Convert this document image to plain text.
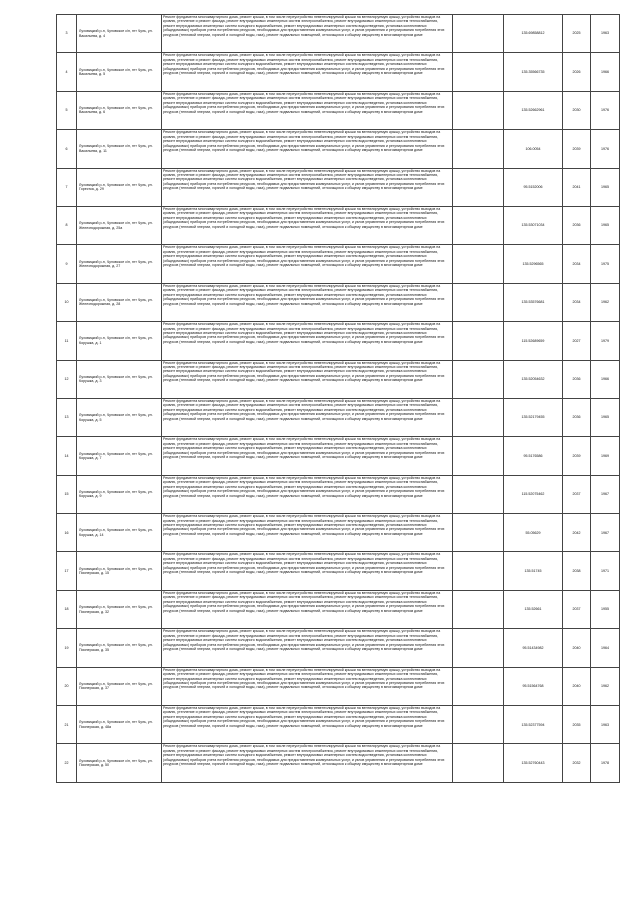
3	Луховицкий р-н, Чуловское с/п, пгт Чуль, ул. Васильева, д. 4	Ремонт фундамента многоквартирного дома, ремонт крыши, в том числе переустройство невентилируемой крыши на вентилируемую крышу, устройство выходов на кровлю, утепление и ремонт фасада, ремонт внутридомовых инженерных систем электроснабжения, ремонт внутридомовых инженерных систем теплоснабжения, ремонт внутридомовых инженерных систем холодного водоснабжения, ремонт внутридомовых инженерных систем водоотведения, установка коллективных (общедомовых) приборов учета потребления ресурсов, необходимых для предоставления коммунальных услуг, и узлов управления и регулирования потребления этих ресурсов (тепловой энергии, горячей и холодной воды, газа), ремонт подвальных помещений, относящихся к общему имуществу в многоквартирном доме		135.69858812	2025	1963
4	Луховицкий р-н, Чуловское с/п, пгт Чуль, ул. Васильева, д. 5	Ремонт фундамента многоквартирного дома, ремонт крыши, в том числе переустройство невентилируемой крыши на вентилируемую крышу, устройство выходов на кровлю, утепление и ремонт фасада, ремонт внутридомовых инженерных систем электроснабжения, ремонт внутридомовых инженерных систем теплоснабжения, ремонт внутридомовых инженерных систем холодного водоснабжения, ремонт внутридомовых инженерных систем водоотведения, установка коллективных (общедомовых) приборов учета потребления ресурсов, необходимых для предоставления коммунальных услуг, и узлов управления и регулирования потребления этих ресурсов (тепловой энергии, горячей и холодной воды, газа), ремонт подвальных помещений, относящихся к общему имуществу в многоквартирном доме		135.35566735	2026	1966
5	Луховицкий р-н, Чуловское с/п, пгт Чуль, ул. Васильева, д. 6	Ремонт фундамента многоквартирного дома, ремонт крыши, в том числе переустройство невентилируемой крыши на вентилируемую крышу, устройство выходов на кровлю, утепление и ремонт фасада, ремонт внутридомовых инженерных систем электроснабжения, ремонт внутридомовых инженерных систем теплоснабжения, ремонт внутридомовых инженерных систем холодного водоснабжения, ремонт внутридомовых инженерных систем водоотведения, установка коллективных (общедомовых) приборов учета потребления ресурсов, необходимых для предоставления коммунальных услуг, и узлов управления и регулирования потребления этих ресурсов (тепловой энергии, горячей и холодной воды, газа), ремонт подвальных помещений, относящихся к общему имуществу в многоквартирном доме		135.52662961	2030	1976
6	Луховицкий р-н, Чуловское с/п, пгт Чуль, ул. Васильева, д. 11	Ремонт фундамента многоквартирного дома, ремонт крыши, в том числе переустройство невентилируемой крыши на вентилируемую крышу, устройство выходов на кровлю, утепление и ремонт фасада, ремонт внутридомовых инженерных систем электроснабжения, ремонт внутридомовых инженерных систем теплоснабжения, ремонт внутридомовых инженерных систем холодного водоснабжения, ремонт внутридомовых инженерных систем водоотведения, установка коллективных (общедомовых) приборов учета потребления ресурсов, необходимых для предоставления коммунальных услуг, и узлов управления и регулирования потребления этих ресурсов (тепловой энергии, горячей и холодной воды, газа), ремонт подвальных помещений, относящихся к общему имуществу в многоквартирном доме		106.0054	2039	1976
7	Луховицкий р-н, Чуловское с/п, пгт Чуль, ул. Горестка, д. 29	Ремонт фундамента многоквартирного дома, ремонт крыши, в том числе переустройство невентилируемой крыши на вентилируемую крышу, устройство выходов на кровлю, утепление и ремонт фасада, ремонт внутридомовых инженерных систем электроснабжения, ремонт внутридомовых инженерных систем теплоснабжения, ремонт внутридомовых инженерных систем холодного водоснабжения, ремонт внутридомовых инженерных систем водоотведения, установка коллективных (общедомовых) приборов учета потребления ресурсов, необходимых для предоставления коммунальных услуг, и узлов управления и регулирования потребления этих ресурсов (тепловой энергии, горячей и холодной воды, газа), ремонт подвальных помещений, относящихся к общему имуществу в многоквартирном доме		95.5152006	2041	1965
8	Луховицкий р-н, Чуловское с/п, пгт Чуль, ул. Железнодорожная, д. 25а	Ремонт фундамента многоквартирного дома, ремонт крыши, в том числе переустройство невентилируемой крыши на вентилируемую крышу, устройство выходов на кровлю, утепление и ремонт фасада, ремонт внутридомовых инженерных систем электроснабжения, ремонт внутридомовых инженерных систем теплоснабжения, ремонт внутридомовых инженерных систем холодного водоснабжения, ремонт внутридомовых инженерных систем водоотведения, установка коллективных (общедомовых) приборов учета потребления ресурсов, необходимых для предоставления коммунальных услуг, и узлов управления и регулирования потребления этих ресурсов (тепловой энергии, горячей и холодной воды, газа), ремонт подвальных помещений, относящихся к общему имуществу в многоквартирном доме		135.53071034	2036	1965
9	Луховицкий р-н, Чуловское с/п, пгт Чуль, ул. Железнодорожная, д. 27	Ремонт фундамента многоквартирного дома, ремонт крыши, в том числе переустройство невентилируемой крыши на вентилируемую крышу, устройство выходов на кровлю, утепление и ремонт фасада, ремонт внутридомовых инженерных систем электроснабжения, ремонт внутридомовых инженерных систем теплоснабжения, ремонт внутридомовых инженерных систем холодного водоснабжения, ремонт внутридомовых инженерных систем водоотведения, установка коллективных (общедомовых) приборов учета потребления ресурсов, необходимых для предоставления коммунальных услуг, и узлов управления и регулирования потребления этих ресурсов (тепловой энергии, горячей и холодной воды, газа), ремонт подвальных помещений, относящихся к общему имуществу в многоквартирном доме		135.5296565	2034	1975
10	Луховицкий р-н, Чуловское с/п, пгт Чуль, ул. Железнодорожная, д. 28	Ремонт фундамента многоквартирного дома, ремонт крыши, в том числе переустройство невентилируемой крыши на вентилируемую крышу, устройство выходов на кровлю, утепление и ремонт фасада, ремонт внутридомовых инженерных систем электроснабжения, ремонт внутридомовых инженерных систем теплоснабжения, ремонт внутридомовых инженерных систем холодного водоснабжения, ремонт внутридомовых инженерных систем водоотведения, установка коллективных (общедомовых) приборов учета потребления ресурсов, необходимых для предоставления коммунальных услуг, и узлов управления и регулирования потребления этих ресурсов (тепловой энергии, горячей и холодной воды, газа), ремонт подвальных помещений, относящихся к общему имуществу в многоквартирном доме		135.53576681	2034	1962
11	Луховицкий р-н, Чуловское с/п, пгт Чуль, ул. Корушка, д. 1	Ремонт фундамента многоквартирного дома, ремонт крыши, в том числе переустройство невентилируемой крыши на вентилируемую крышу, устройство выходов на кровлю, утепление и ремонт фасада, ремонт внутридомовых инженерных систем электроснабжения, ремонт внутридомовых инженерных систем теплоснабжения, ремонт внутридомовых инженерных систем холодного водоснабжения, ремонт внутридомовых инженерных систем водоотведения, установка коллективных (общедомовых) приборов учета потребления ресурсов, необходимых для предоставления коммунальных услуг, и узлов управления и регулирования потребления этих ресурсов (тепловой энергии, горячей и холодной воды, газа), ремонт подвальных помещений, относящихся к общему имуществу в многоквартирном доме		115.52689659	2027	1979
12	Луховицкий р-н, Чуловское с/п, пгт Чуль, ул. Корушка, д. 3	Ремонт фундамента многоквартирного дома, ремонт крыши, в том числе переустройство невентилируемой крыши на вентилируемую крышу, устройство выходов на кровлю, утепление и ремонт фасада, ремонт внутридомовых инженерных систем электроснабжения, ремонт внутридомовых инженерных систем теплоснабжения, ремонт внутридомовых инженерных систем холодного водоснабжения, ремонт внутридомовых инженерных систем водоотведения, установка коллективных (общедомовых) приборов учета потребления ресурсов, необходимых для предоставления коммунальных услуг, и узлов управления и регулирования потребления этих ресурсов (тепловой энергии, горячей и холодной воды, газа), ремонт подвальных помещений, относящихся к общему имуществу в многоквартирном доме		135.52054632	2036	1966
13	Луховицкий р-н, Чуловское с/п, пгт Чуль, ул. Корушка, д. 5	Ремонт фундамента многоквартирного дома, ремонт крыши, в том числе переустройство невентилируемой крыши на вентилируемую крышу, устройство выходов на кровлю, утепление и ремонт фасада, ремонт внутридомовых инженерных систем электроснабжения, ремонт внутридомовых инженерных систем теплоснабжения, ремонт внутридомовых инженерных систем холодного водоснабжения, ремонт внутридомовых инженерных систем водоотведения, установка коллективных (общедомовых) приборов учета потребления ресурсов, необходимых для предоставления коммунальных услуг, и узлов управления и регулирования потребления этих ресурсов (тепловой энергии, горячей и холодной воды, газа), ремонт подвальных помещений, относящихся к общему имуществу в многоквартирном доме		135.52179455	2036	1965
14	Луховицкий р-н, Чуловское с/п, пгт Чуль, ул. Корушка, д. 7	Ремонт фундамента многоквартирного дома, ремонт крыши, в том числе переустройство невентилируемой крыши на вентилируемую крышу, устройство выходов на кровлю, утепление и ремонт фасада, ремонт внутридомовых инженерных систем электроснабжения, ремонт внутридомовых инженерных систем теплоснабжения, ремонт внутридомовых инженерных систем холодного водоснабжения, ремонт внутридомовых инженерных систем водоотведения, установка коллективных (общедомовых) приборов учета потребления ресурсов, необходимых для предоставления коммунальных услуг, и узлов управления и регулирования потребления этих ресурсов (тепловой энергии, горячей и холодной воды, газа), ремонт подвальных помещений, относящихся к общему имуществу в многоквартирном доме		95.5176586	2039	1969
15	Луховицкий р-н, Чуловское с/п, пгт Чуль, ул. Корушка, д. 9	Ремонт фундамента многоквартирного дома, ремонт крыши, в том числе переустройство невентилируемой крыши на вентилируемую крышу, устройство выходов на кровлю, утепление и ремонт фасада, ремонт внутридомовых инженерных систем электроснабжения, ремонт внутридомовых инженерных систем теплоснабжения, ремонт внутридомовых инженерных систем холодного водоснабжения, ремонт внутридомовых инженерных систем водоотведения, установка коллективных (общедомовых) приборов учета потребления ресурсов, необходимых для предоставления коммунальных услуг, и узлов управления и регулирования потребления этих ресурсов (тепловой энергии, горячей и холодной воды, газа), ремонт подвальных помещений, относящихся к общему имуществу в многоквартирном доме		115.52075462	2037	1967
16	Луховицкий р-н, Чуловское с/п, пгт Чуль, ул. Корушка, д. 14	Ремонт фундамента многоквартирного дома, ремонт крыши, в том числе переустройство невентилируемой крыши на вентилируемую крышу, устройство выходов на кровлю, утепление и ремонт фасада, ремонт внутридомовых инженерных систем электроснабжения, ремонт внутридомовых инженерных систем теплоснабжения, ремонт внутридомовых инженерных систем холодного водоснабжения, ремонт внутридомовых инженерных систем водоотведения, установка коллективных (общедомовых) приборов учета потребления ресурсов, необходимых для предоставления коммунальных услуг, и узлов управления и регулирования потребления этих ресурсов (тепловой энергии, горячей и холодной воды, газа), ремонт подвальных помещений, относящихся к общему имуществу в многоквартирном доме		55.05629	2042	1967
17	Луховицкий р-н, Чуловское с/п, пгт Чуль, ул. Пионерская, д. 15	Ремонт фундамента многоквартирного дома, ремонт крыши, в том числе переустройство невентилируемой крыши на вентилируемую крышу, устройство выходов на кровлю, утепление и ремонт фасада, ремонт внутридомовых инженерных систем электроснабжения, ремонт внутридомовых инженерных систем теплоснабжения, ремонт внутридомовых инженерных систем холодного водоснабжения, ремонт внутридомовых инженерных систем водоотведения, установка коллективных (общедомовых) приборов учета потребления ресурсов, необходимых для предоставления коммунальных услуг, и узлов управления и регулирования потребления этих ресурсов (тепловой энергии, горячей и холодной воды, газа), ремонт подвальных помещений, относящихся к общему имуществу в многоквартирном доме		135.51745	2038	1971
18	Луховицкий р-н, Чуловское с/п, пгт Чуль, ул. Пионерская, д. 32	Ремонт фундамента многоквартирного дома, ремонт крыши, в том числе переустройство невентилируемой крыши на вентилируемую крышу, устройство выходов на кровлю, утепление и ремонт фасада, ремонт внутридомовых инженерных систем электроснабжения, ремонт внутридомовых инженерных систем теплоснабжения, ремонт внутридомовых инженерных систем холодного водоснабжения, ремонт внутридомовых инженерных систем водоотведения, установка коллективных (общедомовых) приборов учета потребления ресурсов, необходимых для предоставления коммунальных услуг, и узлов управления и регулирования потребления этих ресурсов (тепловой энергии, горячей и холодной воды, газа), ремонт подвальных помещений, относящихся к общему имуществу в многоквартирном доме		135.52661	2037	1955
19	Луховицкий р-н, Чуловское с/п, пгт Чуль, ул. Пионерская, д. 35	Ремонт фундамента многоквартирного дома, ремонт крыши, в том числе переустройство невентилируемой крыши на вентилируемую крышу, устройство выходов на кровлю, утепление и ремонт фасада, ремонт внутридомовых инженерных систем электроснабжения, ремонт внутридомовых инженерных систем теплоснабжения, ремонт внутридомовых инженерных систем холодного водоснабжения, ремонт внутридомовых инженерных систем водоотведения, установка коллективных (общедомовых) приборов учета потребления ресурсов, необходимых для предоставления коммунальных услуг, и узлов управления и регулирования потребления этих ресурсов (тепловой энергии, горячей и холодной воды, газа), ремонт подвальных помещений, относящихся к общему имуществу в многоквартирном доме		95.51434982	2040	1964
20	Луховицкий р-н, Чуловское с/п, пгт Чуль, ул. Пионерская, д. 37	Ремонт фундамента многоквартирного дома, ремонт крыши, в том числе переустройство невентилируемой крыши на вентилируемую крышу, устройство выходов на кровлю, утепление и ремонт фасада, ремонт внутридомовых инженерных систем электроснабжения, ремонт внутридомовых инженерных систем теплоснабжения, ремонт внутридомовых инженерных систем холодного водоснабжения, ремонт внутридомовых инженерных систем водоотведения, установка коллективных (общедомовых) приборов учета потребления ресурсов, необходимых для предоставления коммунальных услуг, и узлов управления и регулирования потребления этих ресурсов (тепловой энергии, горячей и холодной воды, газа), ремонт подвальных помещений, относящихся к общему имуществу в многоквартирном доме		95.51564768	2040	1962
21	Луховицкий р-н, Чуловское с/п, пгт Чуль, ул. Пионерская, д. 48а	Ремонт фундамента многоквартирного дома, ремонт крыши, в том числе переустройство невентилируемой крыши на вентилируемую крышу, устройство выходов на кровлю, утепление и ремонт фасада, ремонт внутридомовых инженерных систем электроснабжения, ремонт внутридомовых инженерных систем теплоснабжения, ремонт внутридомовых инженерных систем холодного водоснабжения, ремонт внутридомовых инженерных систем водоотведения, установка коллективных (общедомовых) приборов учета потребления ресурсов, необходимых для предоставления коммунальных услуг, и узлов управления и регулирования потребления этих ресурсов (тепловой энергии, горячей и холодной воды, газа), ремонт подвальных помещений, относящихся к общему имуществу в многоквартирном доме		135.52377594	2035	1963
22	Луховицкий р-н, Чуловское с/п, пгт Чуль, ул. Пионерская, д. 50	Ремонт фундамента многоквартирного дома, ремонт крыши, в том числе переустройство невентилируемой крыши на вентилируемую крышу, устройство выходов на кровлю, утепление и ремонт фасада, ремонт внутридомовых инженерных систем электроснабжения, ремонт внутридомовых инженерных систем теплоснабжения, ремонт внутридомовых инженерных систем холодного водоснабжения, ремонт внутридомовых инженерных систем водоотведения, установка коллективных (общедомовых) приборов учета потребления ресурсов, необходимых для предоставления коммунальных услуг, и узлов управления и регулирования потребления этих ресурсов (тепловой энергии, горячей и холодной воды, газа), ремонт подвальных помещений, относящихся к общему имуществу в многоквартирном доме		135.52760443	2032	1978
